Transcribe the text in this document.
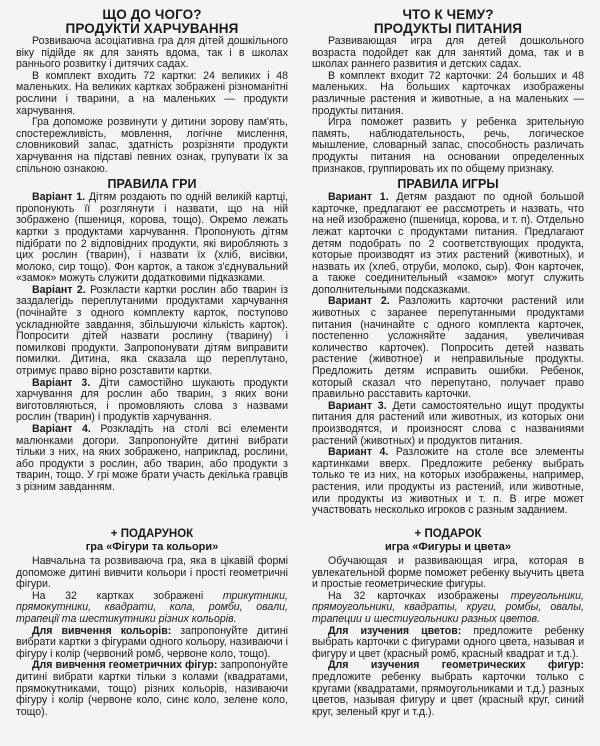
ЩО ДО ЧОГО?

ПРОДУКТИ ХАРЧУВАННЯ

Розвиваюча асоціативна гра для дітей дошкільного віку підійде як для занять вдома, так і в школах раннього розвитку і дитячих садах.

В комплект входить 72 картки: 24 великих і 48 маленьких. На великих картках зображені різноманітні рослини і тварини, а на маленьких — продукти харчування.

Гра допоможе розвинути у дитини зорову пам'ять, спостережливість, мовлення, логічне мислення, словниковий запас, здатність розрізняти продукти харчування на підставі певних ознак, групувати їх за спільною ознакою.

ПРАВИЛА ГРИ

Варіант 1. Дітям роздають по одній великій картці, пропонують її розглянути і назвати, що на ній зображено (пшениця, корова, тощо). Окремо лежать картки з продуктами харчування. Пропонують дітям підібрати по 2 відповідних продукти, які виробляють з цих рослин (тварин), і назвати їх (хліб, висівки, молоко, сир тощо). Фон карток, а також з'єднувальний «замок» можуть служити додатковими підказками.

Варіант 2. Розкласти картки рослин або тварин із заздалегідь переплутаними продуктами харчування (почінайте з одного комплекту карток, поступово ускладнюйте завдання, збільшуючи кількість карток). Попросити дітей назвати рослину (тварину) і помилкові продукти. Запропонувати дітям виправити помилки. Дитина, яка сказала що переплутано, отримує право вірно розставити картки.

Варіант 3. Діти самостійно шукають продукти харчування для рослин або тварин, з яких вони виготовляються, і промовляють слова з назвами рослин (тварин) і продуктів харчування.

Варіант 4. Розкладіть на столі всі елементи малюнками догори. Запропонуйте дитині вибрати тільки з них, на яких зображено, наприклад, рослини, або продукти з рослин, або тварин, або продукти з тварин, тощо. У грі може брати участь декілька гравців з різним завданням.

+ ПОДАРУНОК

гра «Фігури та кольори»

Навчальна та розвиваюча гра, яка в цікавій формі допоможе дитині вивчити кольори і прості геометричні фігури.

На 32 картках зображені трикутники, прямокутники, квадрати, кола, ромби, овали, трапеції та шестикутники різних кольорів.

Для вивчення кольорів: запропонуйте дитині вибрати картки з фігурами одного кольору, називаючи і фігуру і колір (червоний ромб, червоне коло, тощо).

Для вивчення геометричних фігур: запропонуйте дитині вибрати картки тільки з колами (квадратами, прямокутниками, тощо) різних кольорів, називаючи фігуру і колір (червоне коло, синє коло, зелене коло, тощо).

ЧТО К ЧЕМУ?

ПРОДУКТЫ ПИТАНИЯ

Развивающая игра для детей дошкольного возраста подойдет как для занятий дома, так и в школах раннего развития и детских садах.

В комплект входит 72 карточки: 24 больших и 48 маленьких. На больших карточках изображены различные растения и животные, а на маленьких — продукты питания.

Игра поможет развить у ребенка зрительную память, наблюдательность, речь, логическое мышление, словарный запас, способность различать продукты питания на основании определенных признаков, группировать их по общему признаку.

ПРАВИЛА ИГРЫ

Вариант 1. Детям раздают по одной большой карточке, предлагают ее рассмотреть и назвать, что на ней изображено (пшеница, корова, и т. п). Отдельно лежат карточки с продуктами питания. Предлагают детям подобрать по 2 соответствующих продукта, которые производят из этих растений (животных), и назвать их (хлеб, отруби, молоко, сыр). Фон карточек, а также соединительный «замок» могут служить дополнительными подсказками.

Вариант 2. Разложить карточки растений или животных с заранее перепутанными продуктами питания (начинайте с одного комплекта карточек, постепенно усложняйте задания, увеличивая количество карточек). Попросить детей назвать растение (животное) и неправильные продукты. Предложить детям исправить ошибки. Ребенок, который сказал что перепутано, получает право правильно расставить карточки.

Вариант 3. Дети самостоятельно ищут продукты питания для растений или животных, из которых они производятся, и произносят слова с названиями растений (животных) и продуктов питания.

Вариант 4. Разложите на столе все элементы картинками вверх. Предложите ребенку выбрать только те из них, на которых изображены, например, растения, или продукты из растений, или животные, или продукты из животных и т. п. В игре может участвовать несколько игроков с разным заданием.

+ ПОДАРОК

игра «Фигуры и цвета»

Обучающая и развивающая игра, которая в увлекательной форме поможет ребенку выучить цвета и простые геометрические фигуры.

На 32 карточках изображены треугольники, прямоугольники, квадраты, круги, ромбы, овалы, трапеции и шестиугольники разных цветов.

Для изучения цветов: предложите ребенку выбрать карточки с фигурами одного цвета, называя и фигуру и цвет (красный ромб, красный квадрат и т.д.).

Для изучения геометрических фигур: предложите ребенку выбрать карточки только с кругами (квадратами, прямоугольниками и т.д.) разных цветов, называя фигуру и цвет (красный круг, синий круг, зеленый круг и т.д.).
